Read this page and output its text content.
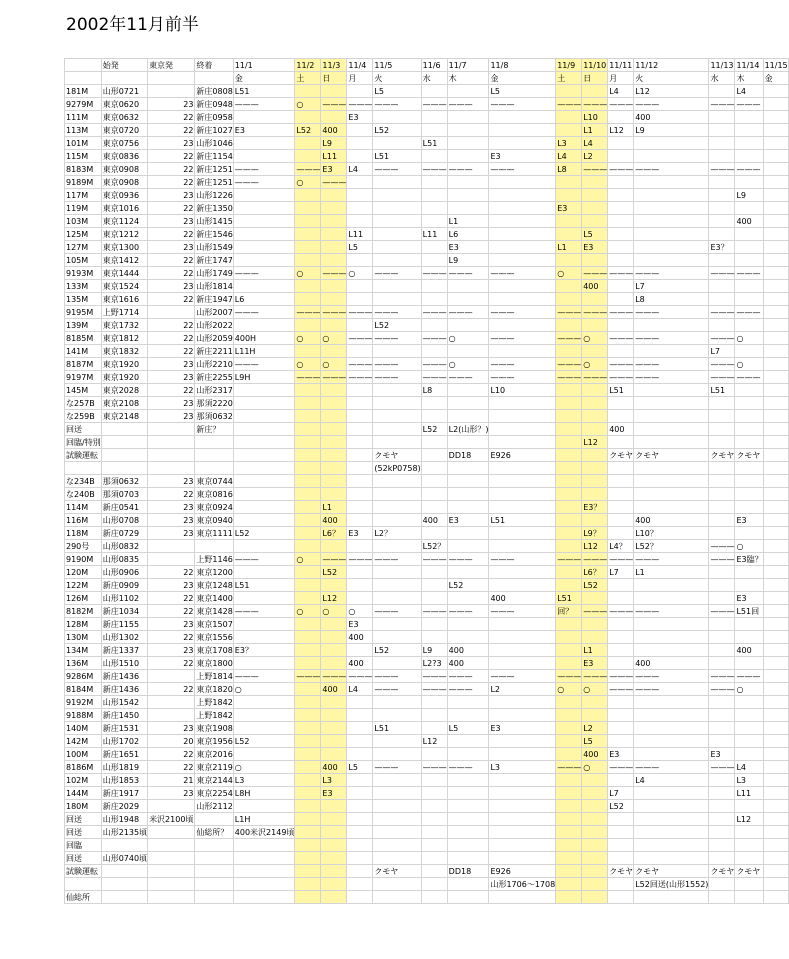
2002年11月前半
	始発	東京発	終着	11/1	11/2	11/3	11/4	11/5	11/6	11/7	11/8	11/9	11/10	11/11	11/12	11/13	11/14	11/15
				金	土	日	月	火	水	木	金	土	日	月	火	水	木	金
181M	山形0721		新庄0808	L51				L5			L5			L4	L12		L4	
9279M	東京0620	23	新庄0948	———	○	———	———	———	———	———	———	———	———	———	———	———	———	
111M	東京0632	22	新庄0958				E3						L10		400			
113M	東京0720	22	新庄1027	E3	L52	400		L52					L1	L12	L9			
101M	東京0756	23	山形1046			L9			L51			L3	L4					
115M	東京0836	22	新庄1154			L11		L51			E3	L4	L2					
8183M	東京0908	22	新庄1251	———	———	E3	L4	———	———	———	———	L8	———	———	———	———	———	
9189M	東京0908	22	新庄1251	———	○	———												
117M	東京0936	23	山形1226														L9	
119M	東京1016	22	新庄1350									E3						
103M	東京1124	23	山形1415							L1							400	
125M	東京1212	22	新庄1546				L11		L11	L6			L5					
127M	東京1300	23	山形1549				L5			E3		L1	E3			E3？		
105M	東京1412	22	新庄1747							L9								
9193M	東京1444	22	山形1749	———	○	———	○	———	———	———	———	○	———	———	———	———	———	
133M	東京1524	23	山形1814										400		L7			
135M	東京1616	22	新庄1947	L6											L8			
9195M	上野1714		山形2007	———	———	———	———	———	———	———	———	———	———	———	———	———	———	
139M	東京1732	22	山形2022					L52										
8185M	東京1812	22	山形2059	400H	○	○	———	———	———	○	———	———	○	———	———	———	○	
141M	東京1832	22	新庄2211	L11H												L7		
8187M	東京1920	23	山形2210	———	○	○	———	———	———	○	———	———	○	———	———	———	○	
9197M	東京1920	23	新庄2255	L9H	———	———	———	———	———	———	———	———	———	———	———	———	———	
145M	東京2028	22	山形2317						L8		L10			L51		L51		
な257B	東京2108	23	那須2220															
な259B	東京2148	23	那須0632															
回送			新庄？						L52	L2(山形？)				400				
回臨/特別													L12					
試験運転								クモヤ		DD18	E926			クモヤ	クモヤ	クモヤ	クモヤ	
								(52kP0758)										
な234B	那須0632	23	東京0744															
な240B	那須0703	22	東京0816															
114M	新庄0541	23	東京0924			L1							E3？					
116M	山形0708	23	東京0940			400			400	E3	L51				400		E3	
118M	新庄0729	23	東京1111	L52		L6？	E3	L2？					L9？		L10？			
290号	山形0832								L52？				L12	L4？	L52？	———	○	
9190M	山形0835		上野1146	———	○	———	———	———	———	———	———	———	———	———	———	———	E3臨？	
120M	山形0906	22	東京1200			L52							L6？	L7	L1			
122M	新庄0909	23	東京1248	L51						L52			L52					
126M	山形1102	22	東京1400			L12					400	L51					E3	
8182M	新庄1034	22	東京1428	———	○	○	○	———	———	———	———	回？	———	———	———	———	L51回	
128M	新庄1155	23	東京1507				E3											
130M	山形1302	22	東京1556				400											
134M	新庄1337	23	東京1708	E3？				L52	L9	400			L1				400	
136M	山形1510	22	東京1800				400		L2?3	400			E3		400			
9286M	新庄1436		上野1814	———	———	———	———	———	———	———	———	———	———	———	———	———	———	
8184M	新庄1436	22	東京1820	○		400	L4	———	———	———	L2	○	○	———	———	———	○	
9192M	山形1542		上野1842															
9188M	新庄1450		上野1842															
140M	新庄1531	23	東京1908					L51		L5	E3		L2					
142M	山形1702	20	東京1956	L52					L12				L5					
100M	新庄1651	22	東京2016										400	E3		E3		
8186M	山形1819	22	東京2119	○		400	L5	———	———	———	L3	———	○	———	———	———	L4	
102M	山形1853	21	東京2144	L3		L3									L4		L3	
144M	新庄1917	23	東京2254	L8H		E3								L7			L11	
180M	新庄2029		山形2112											L52				
回送	山形1948	米沢2100頃		L1H													L12	
回送	山形2135頃		仙総所？	400米沢2149頃														
回臨																		
回送	山形0740頃																	
試験運転								クモヤ		DD18	E926			クモヤ	クモヤ	クモヤ	クモヤ	
											山形1706～1708				L52回送(山形1552)			
仙総所																		
